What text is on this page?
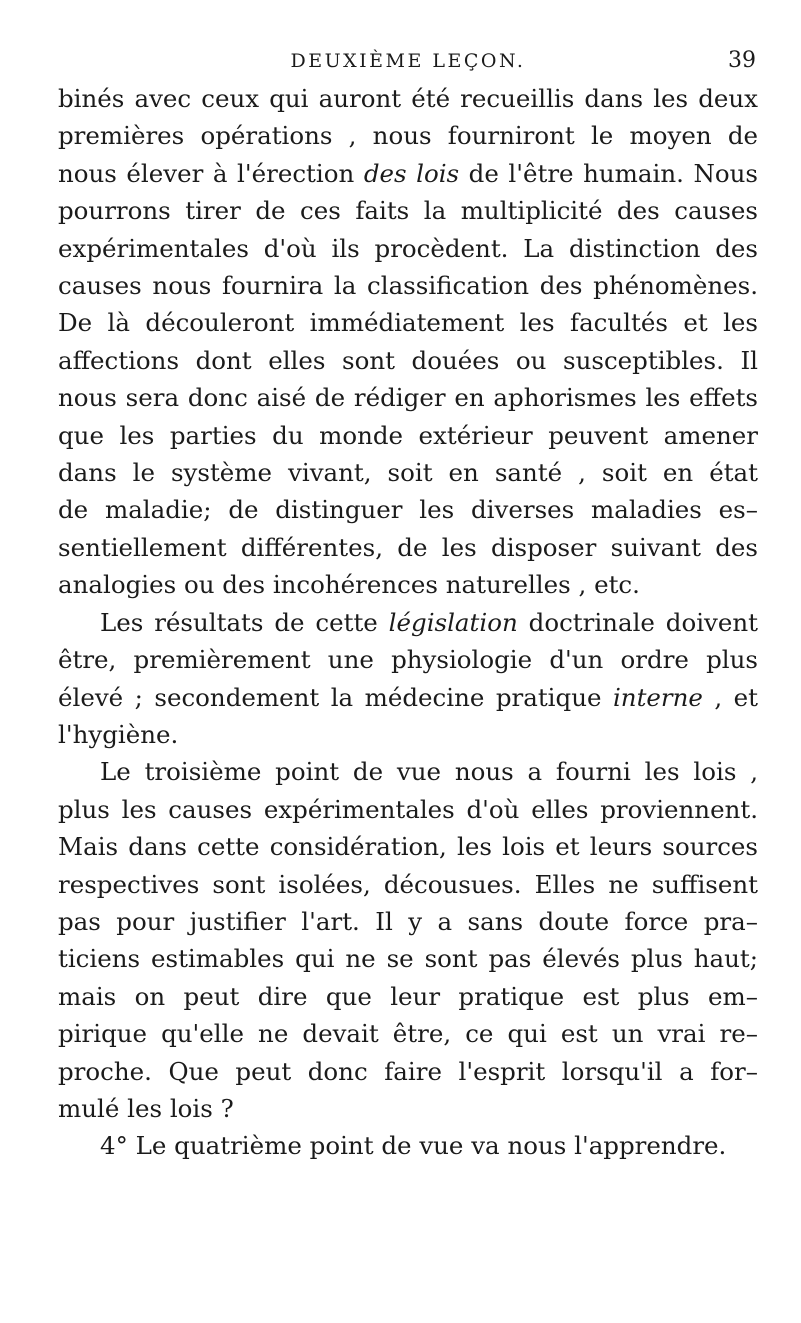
DEUXIÈME LEÇON.	39
binés avec ceux qui auront été recueillis dans les deux
premières opérations , nous fourniront le moyen de
nous élever à l'érection des lois de l'être humain. Nous
pourrons tirer de ces faits la multiplicité des causes
expérimentales d'où ils procèdent. La distinction des
causes nous fournira la classification des phénomènes.
De là découleront immédiatement les facultés et les
affections dont elles sont douées ou susceptibles. Il
nous sera donc aisé de rédiger en aphorismes les effets
que les parties du monde extérieur peuvent amener
dans le système vivant, soit en santé , soit en état
de maladie; de distinguer les diverses maladies es–
sentiellement différentes, de les disposer suivant des
analogies ou des incohérences naturelles , etc.
Les résultats de cette législation doctrinale doivent
être, premièrement une physiologie d'un ordre plus
élevé ; secondement la médecine pratique interne , et
l'hygiène.
Le troisième point de vue nous a fourni les lois ,
plus les causes expérimentales d'où elles proviennent.
Mais dans cette considération, les lois et leurs sources
respectives sont isolées, décousues. Elles ne suffisent
pas pour justifier l'art. Il y a sans doute force pra–
ticiens estimables qui ne se sont pas élevés plus haut;
mais on peut dire que leur pratique est plus em–
pirique qu'elle ne devait être, ce qui est un vrai re–
proche. Que peut donc faire l'esprit lorsqu'il a for–
mulé les lois ?
4° Le quatrième point de vue va nous l'apprendre.
